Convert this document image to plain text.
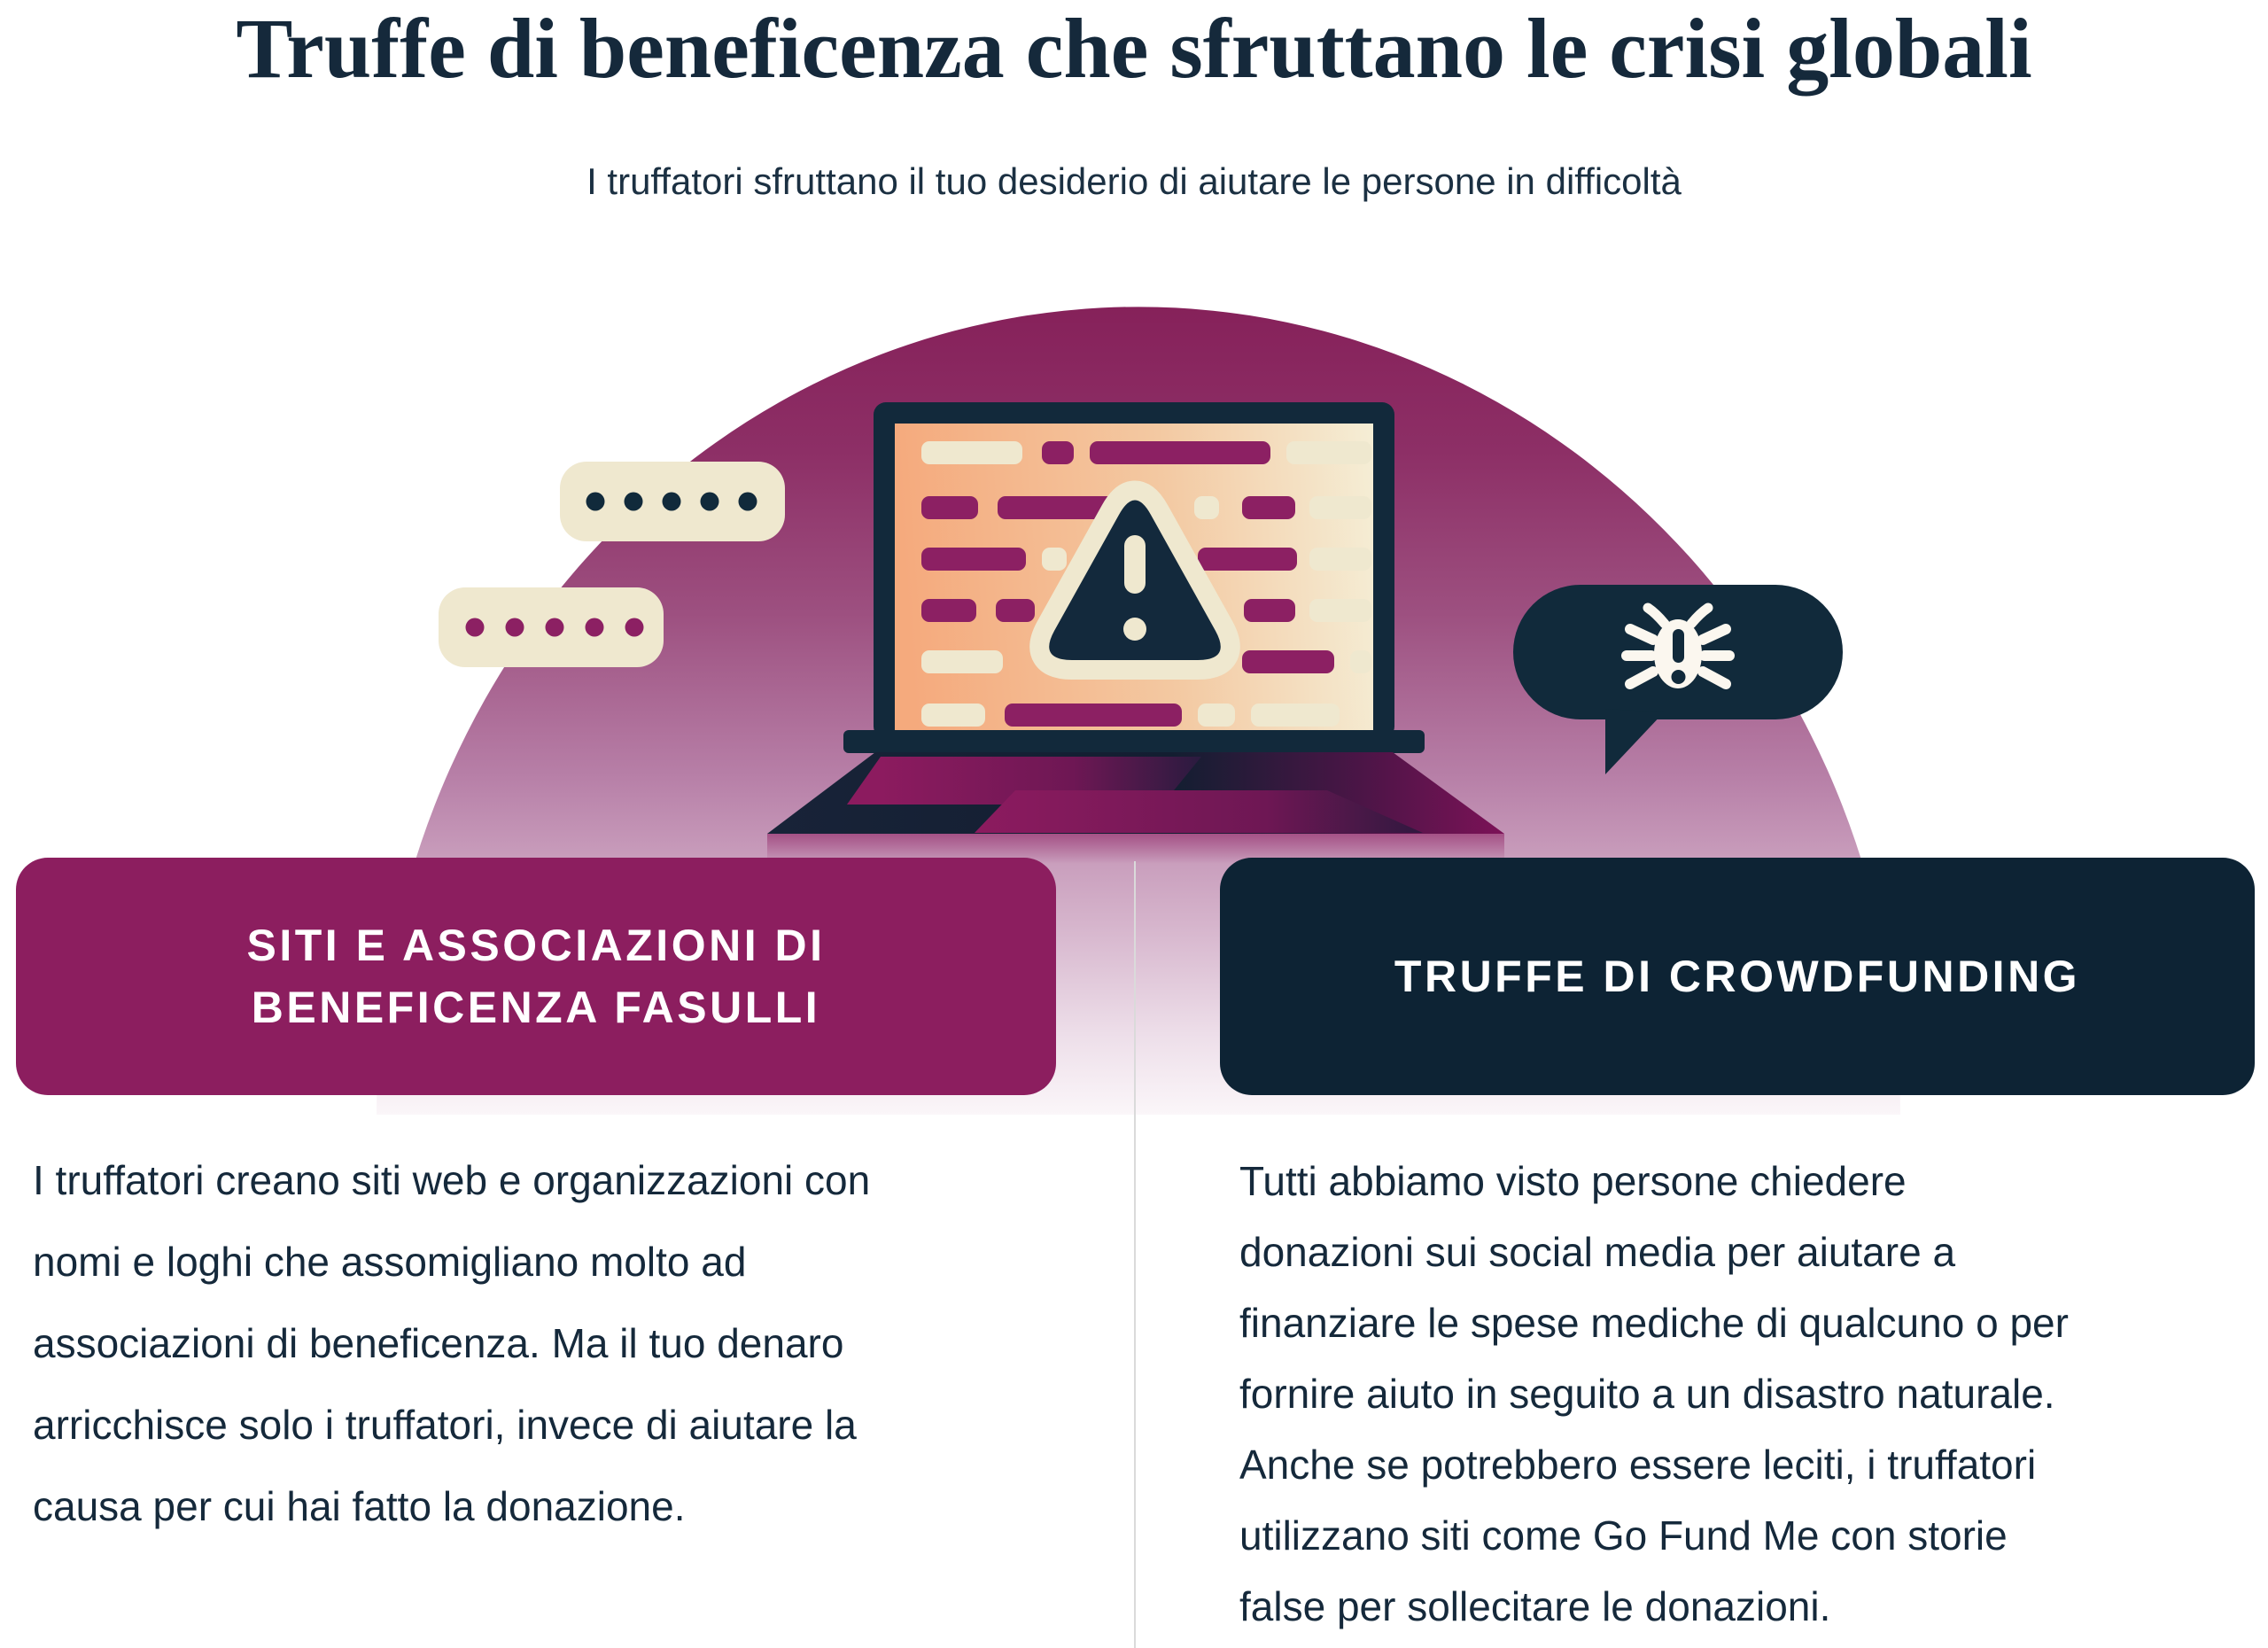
Truffe di beneficenza che sfruttano le crisi globali

I truffatori sfruttano il tuo desiderio di aiutare le persone in difficoltà

SITI E ASSOCIAZIONI DI
BENEFICENZA FASULLI
TRUFFE DI CROWDFUNDING

I truffatori creano siti web e organizzazioni con
nomi e loghi che assomigliano molto ad
associazioni di beneficenza. Ma il tuo denaro
arricchisce solo i truffatori, invece di aiutare la
causa per cui hai fatto la donazione.

Tutti abbiamo visto persone chiedere
donazioni sui social media per aiutare a
finanziare le spese mediche di qualcuno o per
fornire aiuto in seguito a un disastro naturale.
Anche se potrebbero essere leciti, i truffatori
utilizzano siti come Go Fund Me con storie
false per sollecitare le donazioni.
